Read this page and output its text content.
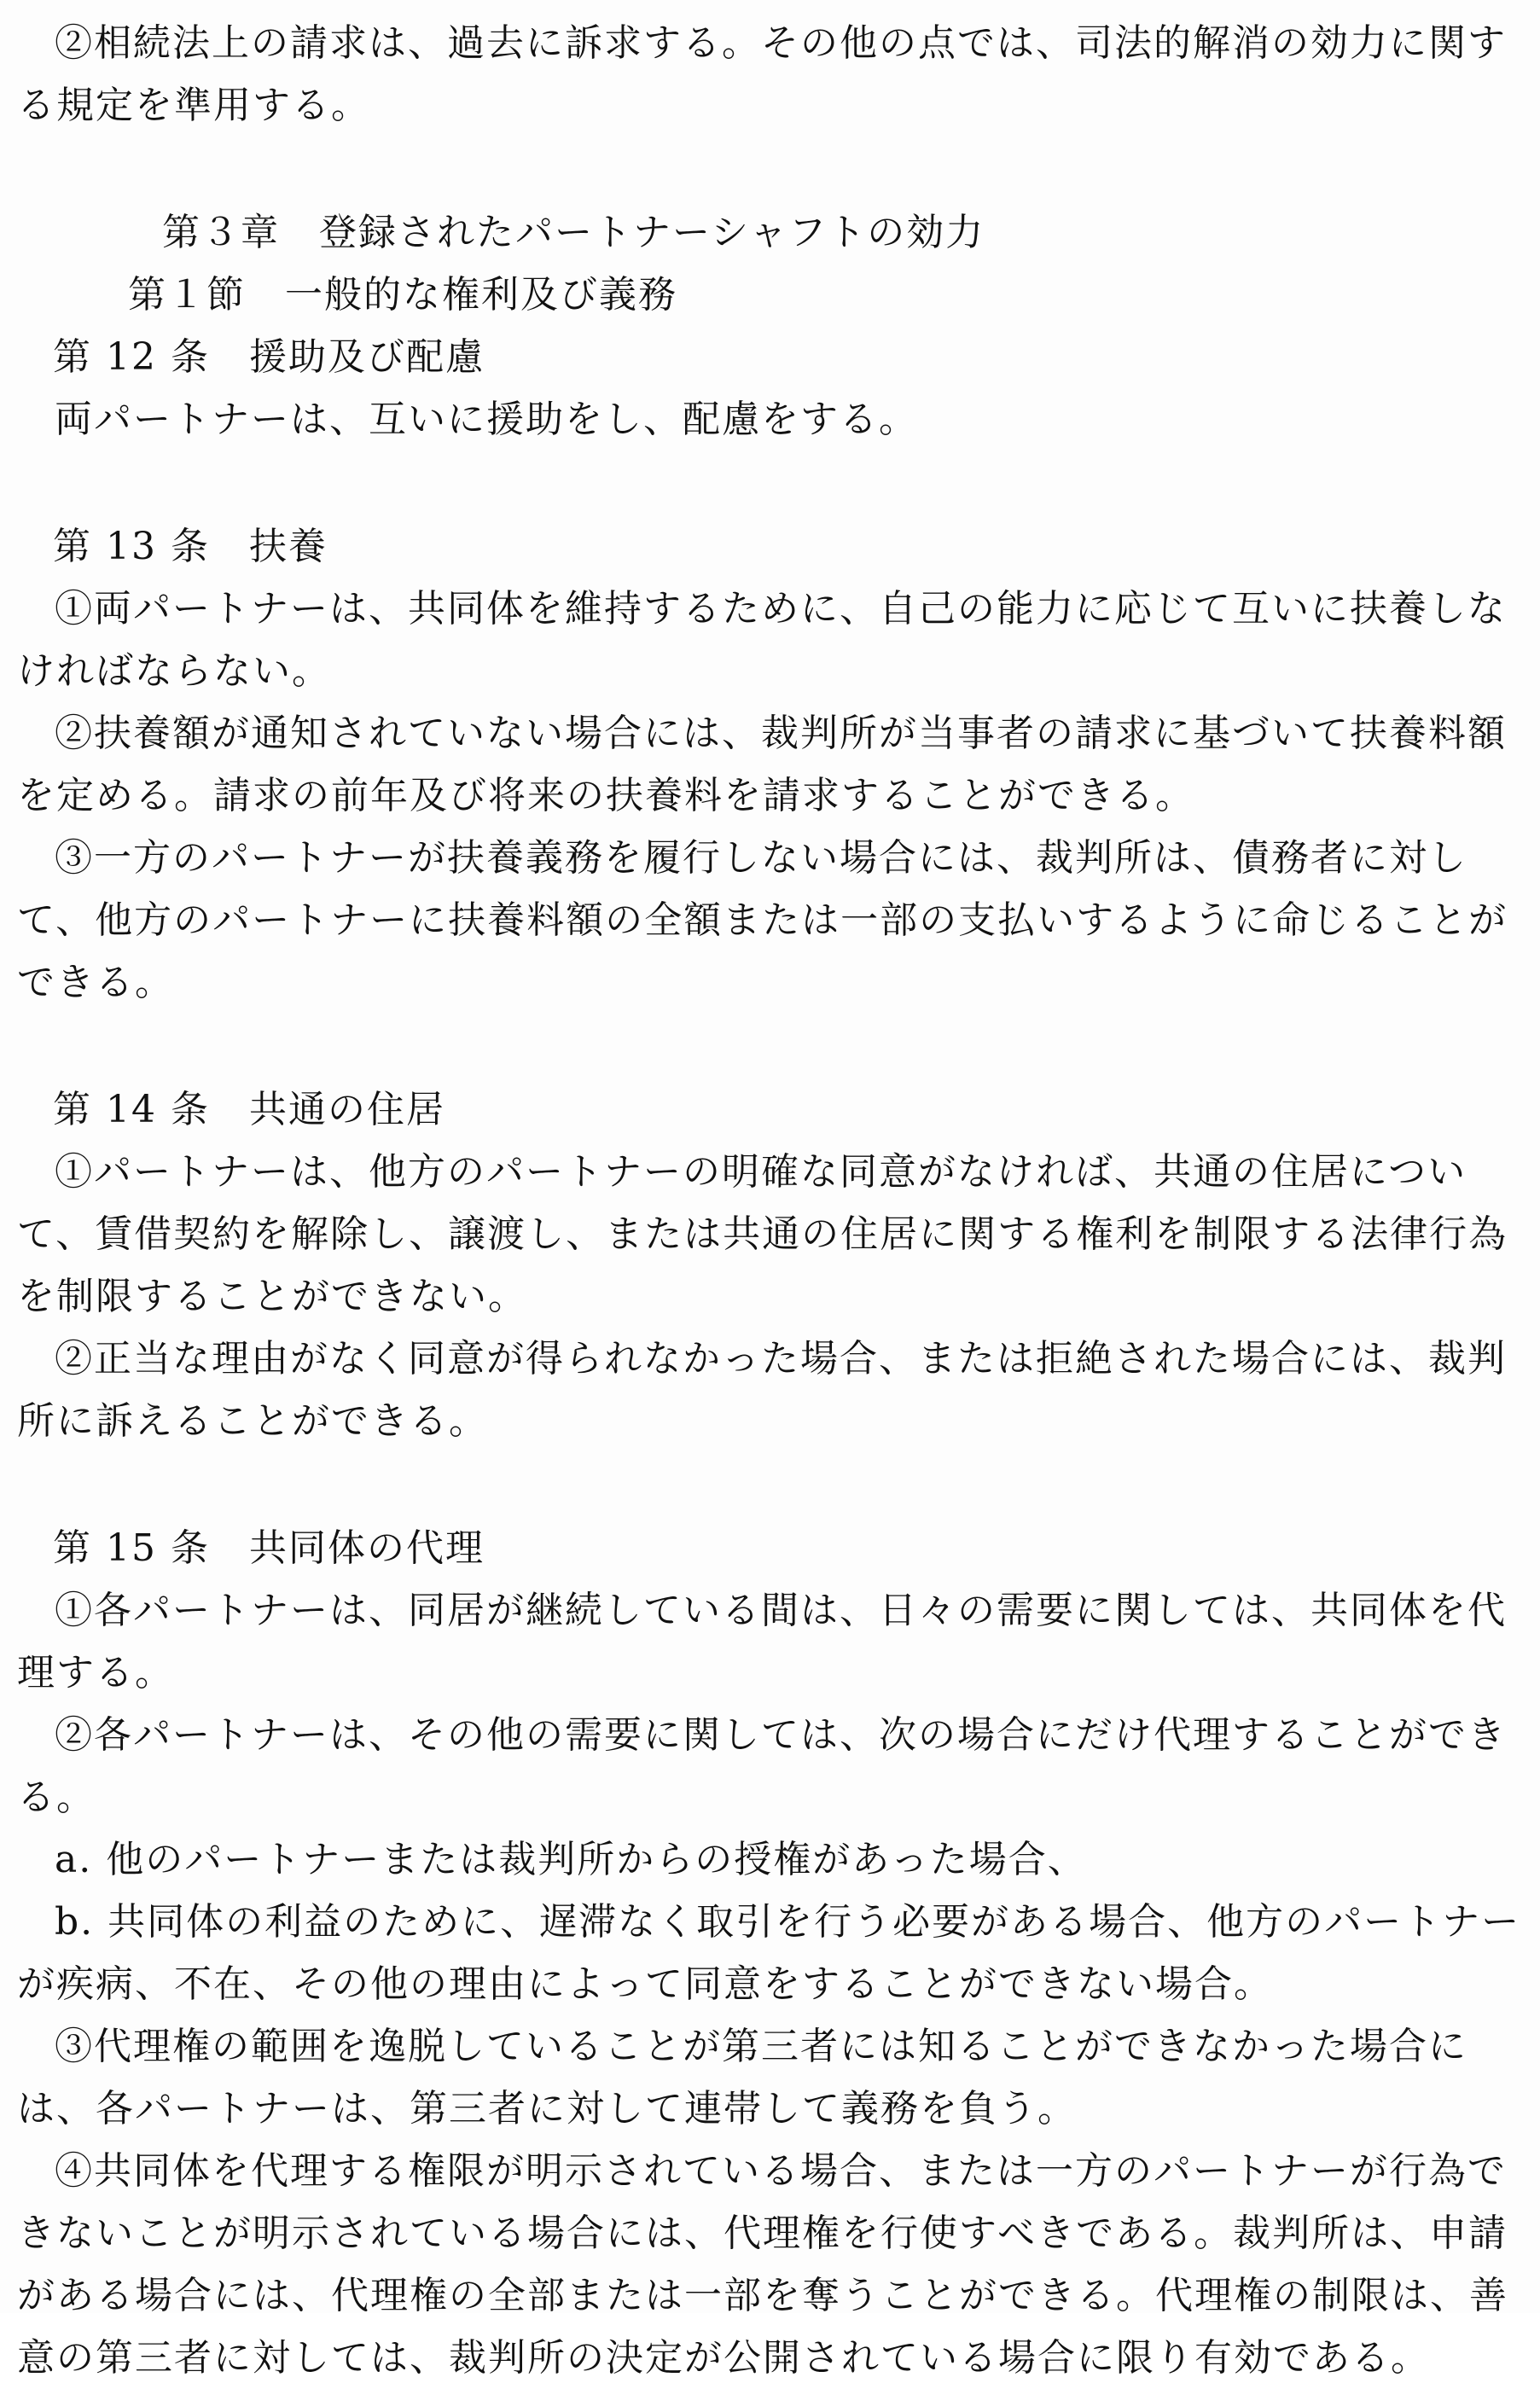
②相続法上の請求は、過去に訴求する。その他の点では、司法的解消の効力に関する規定を準用する。

第３章　登録されたパートナーシャフトの効力

第１節　一般的な権利及び義務

第 12 条　援助及び配慮

両パートナーは、互いに援助をし、配慮をする。

第 13 条　扶養

①両パートナーは、共同体を維持するために、自己の能力に応じて互いに扶養しなければならない。

②扶養額が通知されていない場合には、裁判所が当事者の請求に基づいて扶養料額を定める。請求の前年及び将来の扶養料を請求することができる。

③一方のパートナーが扶養義務を履行しない場合には、裁判所は、債務者に対して、他方のパートナーに扶養料額の全額または一部の支払いするように命じることができる。

第 14 条　共通の住居

①パートナーは、他方のパートナーの明確な同意がなければ、共通の住居について、賃借契約を解除し、譲渡し、または共通の住居に関する権利を制限する法律行為を制限することができない。

②正当な理由がなく同意が得られなかった場合、または拒絶された場合には、裁判所に訴えることができる。

第 15 条　共同体の代理

①各パートナーは、同居が継続している間は、日々の需要に関しては、共同体を代理する。

②各パートナーは、その他の需要に関しては、次の場合にだけ代理することができる。

a. 他のパートナーまたは裁判所からの授権があった場合、

b. 共同体の利益のために、遅滞なく取引を行う必要がある場合、他方のパートナーが疾病、不在、その他の理由によって同意をすることができない場合。

③代理権の範囲を逸脱していることが第三者には知ることができなかった場合には、各パートナーは、第三者に対して連帯して義務を負う。

④共同体を代理する権限が明示されている場合、または一方のパートナーが行為できないことが明示されている場合には、代理権を行使すべきである。裁判所は、申請がある場合には、代理権の全部または一部を奪うことができる。代理権の制限は、善意の第三者に対しては、裁判所の決定が公開されている場合に限り有効である。
